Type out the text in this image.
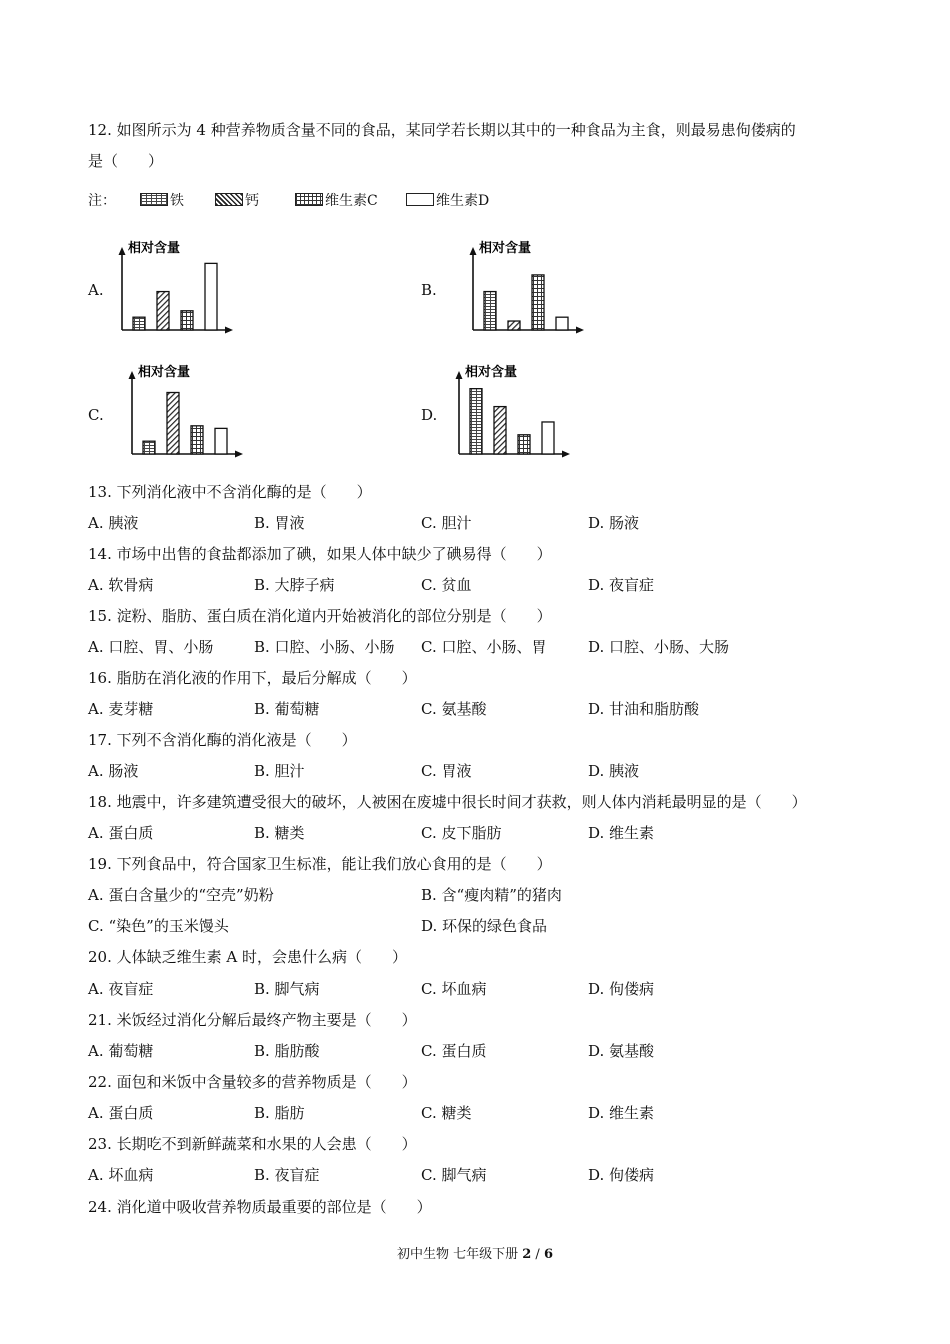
12. 如图所示为 4 种营养物质含量不同的食品，某同学若长期以其中的一种食品为主食，则最易患佝偻病的
是（　　）
注：	铁	钙	维生素C	维生素D
A.
相对含量
B.
相对含量
C.
相对含量
D.
相对含量
13. 下列消化液中不含消化酶的是（　　）
A. 胰液	B. 胃液	C. 胆汁	D. 肠液
14. 市场中出售的食盐都添加了碘，如果人体中缺少了碘易得（　　）
A. 软骨病	B. 大脖子病	C. 贫血	D. 夜盲症
15. 淀粉、脂肪、蛋白质在消化道内开始被消化的部位分别是（　　）
A. 口腔、胃、小肠	B. 口腔、小肠、小肠 C. 口腔、小肠、胃	D. 口腔、小肠、大肠
16. 脂肪在消化液的作用下，最后分解成（　　）
A. 麦芽糖	B. 葡萄糖	C. 氨基酸	D. 甘油和脂肪酸
17. 下列不含消化酶的消化液是（　　）
A. 肠液	B. 胆汁	C. 胃液	D. 胰液
18. 地震中，许多建筑遭受很大的破坏，人被困在废墟中很长时间才获救，则人体内消耗最明显的是（　　）
A. 蛋白质	B. 糖类	C. 皮下脂肪	D. 维生素
19. 下列食品中，符合国家卫生标准，能让我们放心食用的是（　　）
A. 蛋白含量少的“空壳”奶粉	B. 含“瘦肉精”的猪肉
C. “染色”的玉米馒头	D. 环保的绿色食品
20. 人体缺乏维生素 A 时，会患什么病（　　）
A. 夜盲症	B. 脚气病	C. 坏血病	D. 佝偻病
21. 米饭经过消化分解后最终产物主要是（　　）
A. 葡萄糖	B. 脂肪酸	C. 蛋白质	D. 氨基酸
22. 面包和米饭中含量较多的营养物质是（　　）
A. 蛋白质	B. 脂肪	C. 糖类	D. 维生素
23. 长期吃不到新鲜蔬菜和水果的人会患（　　）
A. 坏血病	B. 夜盲症	C. 脚气病	D. 佝偻病
24. 消化道中吸收营养物质最重要的部位是（　　）
初中生物 七年级下册 2 / 6
